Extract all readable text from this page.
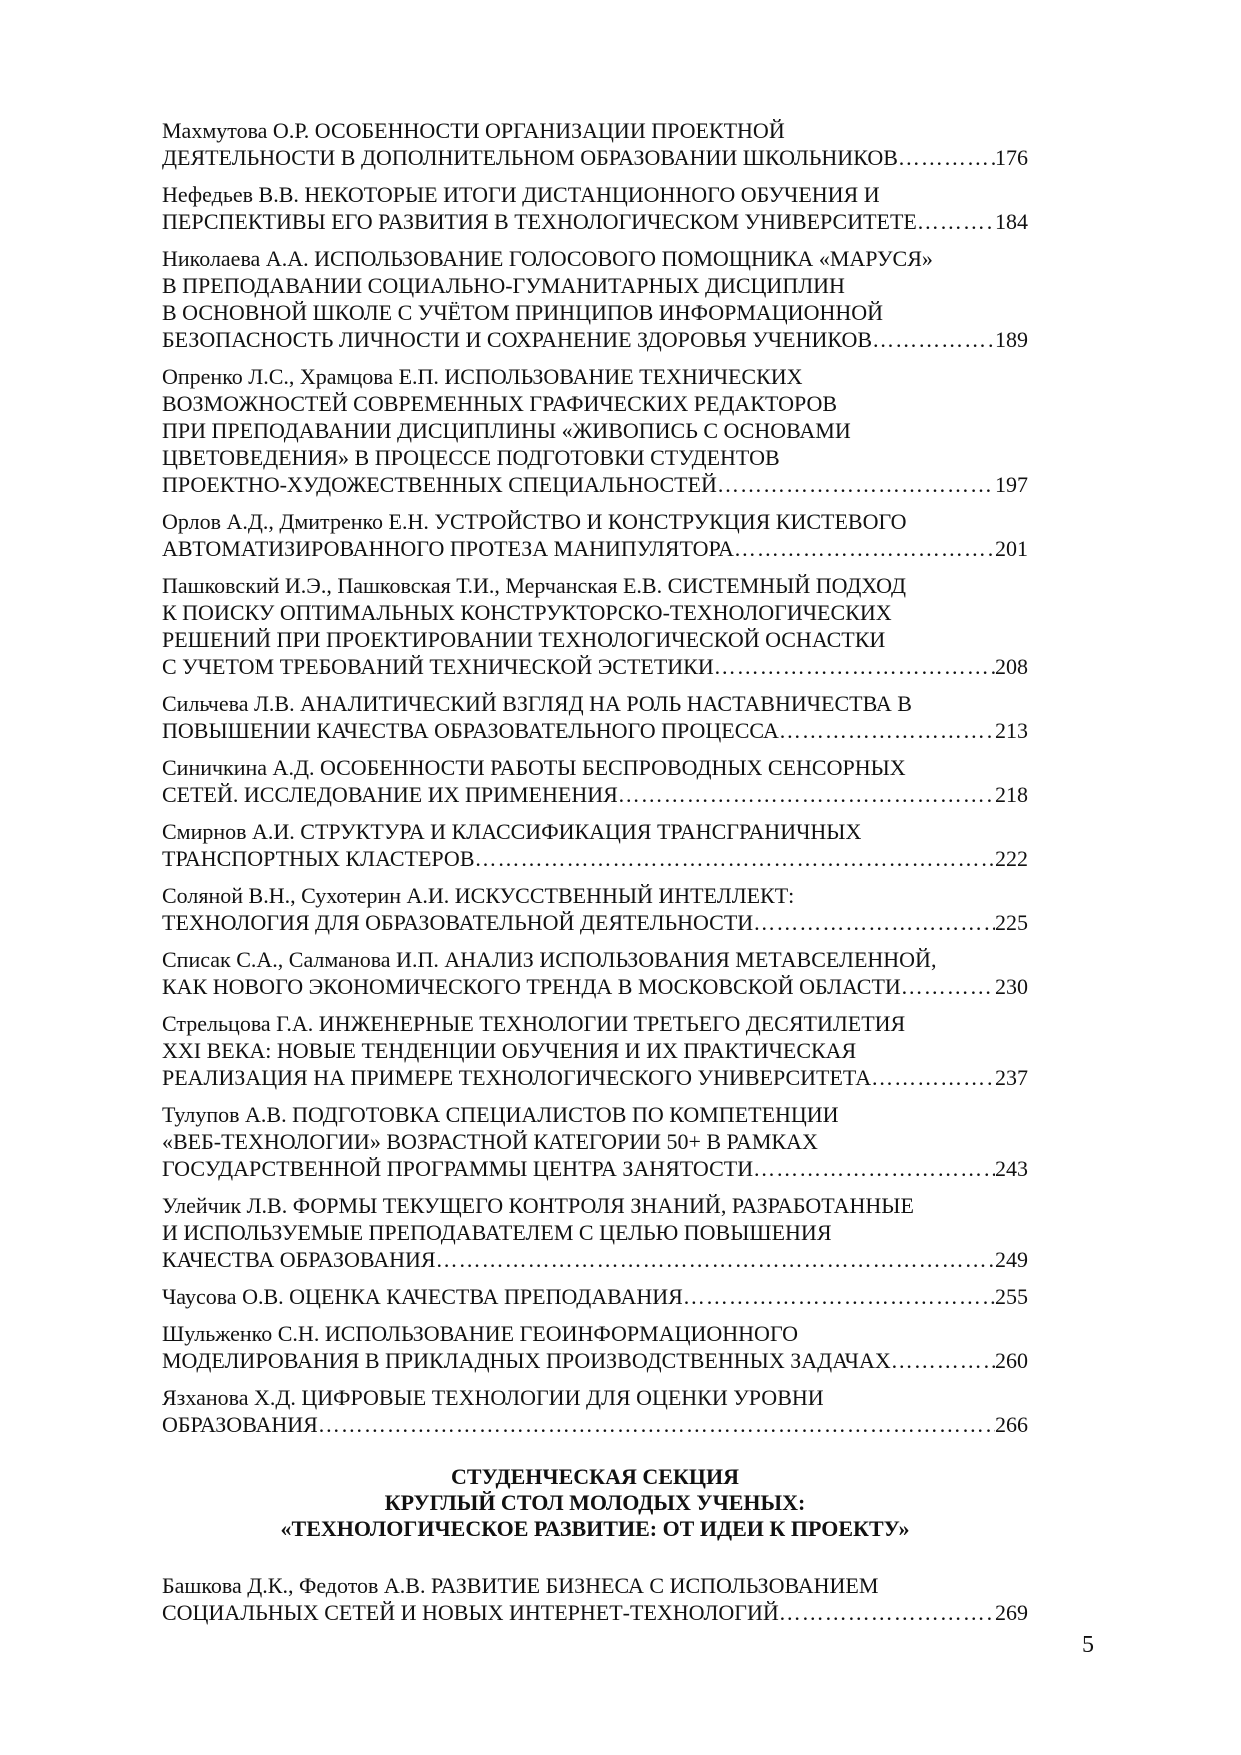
Махмутова О.Р. ОСОБЕННОСТИ ОРГАНИЗАЦИИ ПРОЕКТНОЙ
ДЕЯТЕЛЬНОСТИ В ДОПОЛНИТЕЛЬНОМ ОБРАЗОВАНИИ ШКОЛЬНИКОВ ………………………………………………………………………………………………………………………………………………………………	176
Нефедьев В.В. НЕКОТОРЫЕ ИТОГИ ДИСТАНЦИОННОГО ОБУЧЕНИЯ И
ПЕРСПЕКТИВЫ ЕГО РАЗВИТИЯ В ТЕХНОЛОГИЧЕСКОМ УНИВЕРСИТЕТЕ ………………………………………………………………………………………………………………………………………………………………	184
Николаева А.А. ИСПОЛЬЗОВАНИЕ ГОЛОСОВОГО ПОМОЩНИКА «МАРУСЯ»
В ПРЕПОДАВАНИИ СОЦИАЛЬНО-ГУМАНИТАРНЫХ ДИСЦИПЛИН
В ОСНОВНОЙ ШКОЛЕ С УЧЁТОМ ПРИНЦИПОВ ИНФОРМАЦИОННОЙ
БЕЗОПАСНОСТЬ ЛИЧНОСТИ И СОХРАНЕНИЕ ЗДОРОВЬЯ УЧЕНИКОВ ………………………………………………………………………………………………………………………………………………………………	189
Опренко Л.С., Храмцова Е.П. ИСПОЛЬЗОВАНИЕ ТЕХНИЧЕСКИХ
ВОЗМОЖНОСТЕЙ СОВРЕМЕННЫХ ГРАФИЧЕСКИХ РЕДАКТОРОВ
ПРИ ПРЕПОДАВАНИИ ДИСЦИПЛИНЫ «ЖИВОПИСЬ С ОСНОВАМИ
ЦВЕТОВЕДЕНИЯ» В ПРОЦЕССЕ ПОДГОТОВКИ СТУДЕНТОВ
ПРОЕКТНО-ХУДОЖЕСТВЕННЫХ СПЕЦИАЛЬНОСТЕЙ ………………………………………………………………………………………………………………………………………………………………	197
Орлов А.Д., Дмитренко Е.Н. УСТРОЙСТВО И КОНСТРУКЦИЯ КИСТЕВОГО
АВТОМАТИЗИРОВАННОГО ПРОТЕЗА МАНИПУЛЯТОРА ………………………………………………………………………………………………………………………………………………………………	201
Пашковский И.Э., Пашковская Т.И., Мерчанская Е.В. СИСТЕМНЫЙ ПОДХОД
К ПОИСКУ ОПТИМАЛЬНЫХ КОНСТРУКТОРСКО-ТЕХНОЛОГИЧЕСКИХ
РЕШЕНИЙ ПРИ ПРОЕКТИРОВАНИИ ТЕХНОЛОГИЧЕСКОЙ ОСНАСТКИ
С УЧЕТОМ ТРЕБОВАНИЙ ТЕХНИЧЕСКОЙ ЭСТЕТИКИ ………………………………………………………………………………………………………………………………………………………………	208
Сильчева Л.В. АНАЛИТИЧЕСКИЙ ВЗГЛЯД НА РОЛЬ НАСТАВНИЧЕСТВА В
ПОВЫШЕНИИ КАЧЕСТВА ОБРАЗОВАТЕЛЬНОГО ПРОЦЕССА ………………………………………………………………………………………………………………………………………………………………	213
Синичкина А.Д. ОСОБЕННОСТИ РАБОТЫ БЕСПРОВОДНЫХ СЕНСОРНЫХ
СЕТЕЙ. ИССЛЕДОВАНИЕ ИХ ПРИМЕНЕНИЯ ………………………………………………………………………………………………………………………………………………………………	218
Смирнов А.И. СТРУКТУРА И КЛАССИФИКАЦИЯ ТРАНСГРАНИЧНЫХ
ТРАНСПОРТНЫХ КЛАСТЕРОВ ………………………………………………………………………………………………………………………………………………………………	222
Соляной В.Н., Сухотерин А.И. ИСКУССТВЕННЫЙ ИНТЕЛЛЕКТ:
ТЕХНОЛОГИЯ ДЛЯ ОБРАЗОВАТЕЛЬНОЙ ДЕЯТЕЛЬНОСТИ ………………………………………………………………………………………………………………………………………………………………	225
Списак С.А., Салманова И.П. АНАЛИЗ ИСПОЛЬЗОВАНИЯ МЕТАВСЕЛЕННОЙ,
КАК НОВОГО ЭКОНОМИЧЕСКОГО ТРЕНДА В МОСКОВСКОЙ ОБЛАСТИ ………………………………………………………………………………………………………………………………………………………………	230
Стрельцова Г.А. ИНЖЕНЕРНЫЕ ТЕХНОЛОГИИ ТРЕТЬЕГО ДЕСЯТИЛЕТИЯ
XXI ВЕКА: НОВЫЕ ТЕНДЕНЦИИ ОБУЧЕНИЯ И ИХ ПРАКТИЧЕСКАЯ
РЕАЛИЗАЦИЯ НА ПРИМЕРЕ ТЕХНОЛОГИЧЕСКОГО УНИВЕРСИТЕТА ………………………………………………………………………………………………………………………………………………………………	237
Тулупов А.В. ПОДГОТОВКА СПЕЦИАЛИСТОВ ПО КОМПЕТЕНЦИИ
«ВЕБ-ТЕХНОЛОГИИ» ВОЗРАСТНОЙ КАТЕГОРИИ 50+ В РАМКАХ
ГОСУДАРСТВЕННОЙ ПРОГРАММЫ ЦЕНТРА ЗАНЯТОСТИ ………………………………………………………………………………………………………………………………………………………………	243
Улейчик Л.В. ФОРМЫ ТЕКУЩЕГО КОНТРОЛЯ ЗНАНИЙ, РАЗРАБОТАННЫЕ
И ИСПОЛЬЗУЕМЫЕ ПРЕПОДАВАТЕЛЕМ С ЦЕЛЬЮ ПОВЫШЕНИЯ
КАЧЕСТВА ОБРАЗОВАНИЯ ………………………………………………………………………………………………………………………………………………………………	249
Чаусова О.В. ОЦЕНКА КАЧЕСТВА ПРЕПОДАВАНИЯ ………………………………………………………………………………………………………………………………………………………………	255
Шульженко С.Н. ИСПОЛЬЗОВАНИЕ ГЕОИНФОРМАЦИОННОГО
МОДЕЛИРОВАНИЯ В ПРИКЛАДНЫХ ПРОИЗВОДСТВЕННЫХ ЗАДАЧАХ ………………………………………………………………………………………………………………………………………………………………	260
Язханова Х.Д. ЦИФРОВЫЕ ТЕХНОЛОГИИ ДЛЯ ОЦЕНКИ УРОВНИ
ОБРАЗОВАНИЯ ………………………………………………………………………………………………………………………………………………………………	266
СТУДЕНЧЕСКАЯ СЕКЦИЯ
КРУГЛЫЙ СТОЛ МОЛОДЫХ УЧЕНЫХ:
«ТЕХНОЛОГИЧЕСКОЕ РАЗВИТИЕ: ОТ ИДЕИ К ПРОЕКТУ»
Башкова Д.К., Федотов А.В. РАЗВИТИЕ БИЗНЕСА С ИСПОЛЬЗОВАНИЕМ
СОЦИАЛЬНЫХ СЕТЕЙ И НОВЫХ ИНТЕРНЕТ-ТЕХНОЛОГИЙ ………………………………………………………………………………………………………………………………………………………………	269
5
